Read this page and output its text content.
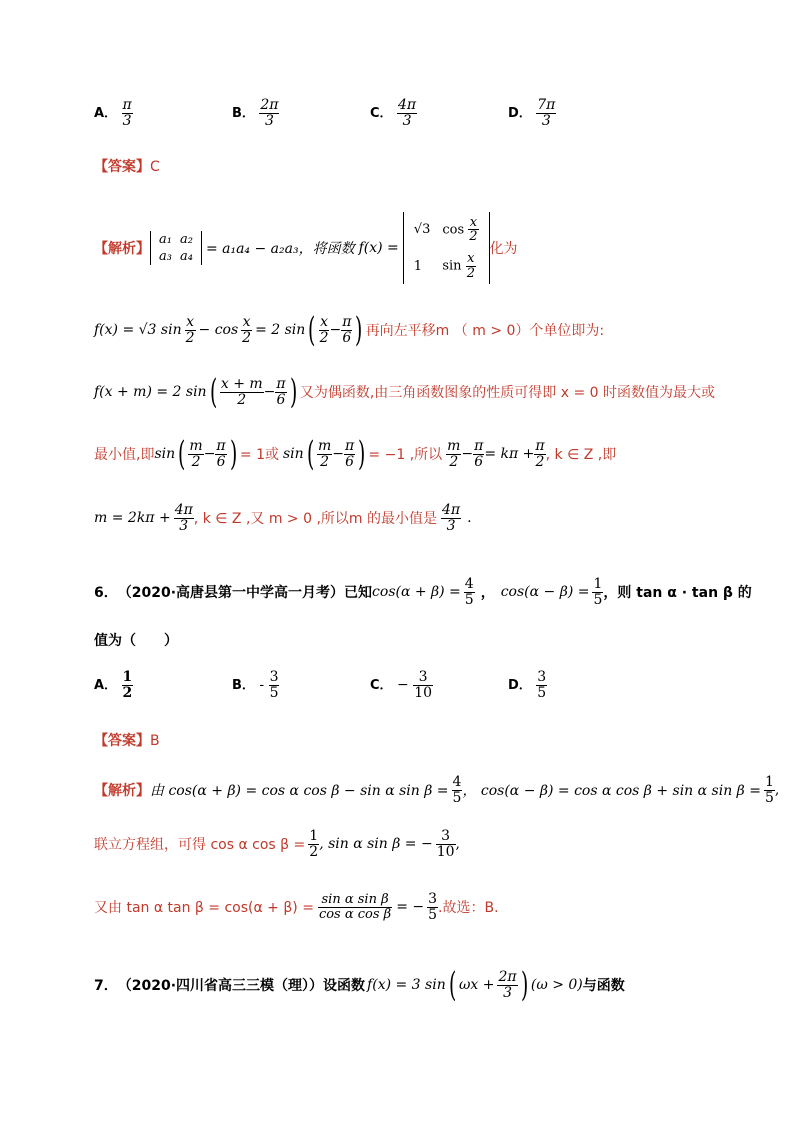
A． $\frac{\pi}{3}$	B． $\frac{2\pi}{3}$	C． $\frac{4\pi}{3}$	D． $\frac{7\pi}{3}$
【答案】C
【解析】
a₁	a₂
a₃	a₄ = a₁a₄ − a₂a₃，将函数 f(x) =
√3	$\cos \frac{x}{2}$

1	$\sin \frac{x}{2}$
化为
f(x) = √3 $\sin \frac{x}{2} - \cos \frac{x}{2} = 2$ sin ( $\frac{x}{2} - \frac{\pi}{6}$ ) 再向左平移m （ m > 0）个单位即为:
f(x + m) = 2 sin ( $\frac{x + m}{2} - \frac{\pi}{6}$ ) 又为偶函数,由三角函数图象的性质可得即 x = 0 时函数值为最大或
最小值,即 sin ( $\frac{m}{2} - \frac{\pi}{6}$ ) = 1或 sin ( $\frac{m}{2} - \frac{\pi}{6}$ ) = −1 ,所以 $\frac{m}{2} - \frac{\pi}{6} = k\pi + \frac{\pi}{2}$ , k ∈ Z ,即
$m = 2k\pi + \frac{4\pi}{3}$ , k ∈ Z ,又 m > 0 ,所以m 的最小值是 $\frac{4\pi}{3}$ .
6． （2020·高唐县第一中学高一月考）已知 $\cos(\alpha + \beta) = \frac{4}{5}$ ， $\cos(\alpha - \beta) = \frac{1}{5}$ ，则 tan α · tan β 的
值为（　　）
A． $\frac{1}{2}$	B． - $\frac{3}{5}$	C． − $\frac{3}{10}$	D． $\frac{3}{5}$
【答案】B
【解析】 由 cos(α + β) = cos α cos β − sin α $\sin \beta = \frac{4}{5}$ ， cos(α − β) = cos α cos β + sin α $\sin \beta = \frac{1}{5}$ ,
联立方程组，可得 cos α $\cos \beta = \frac{1}{2}$ , sin α sin β = − $\frac{3}{10}$ ,
又由 tan α $\tan \beta = \cos(\alpha + \beta) = \frac{\text{sin α sin β}}{\text{cos α cos β}}$ = − $\frac{3}{5}$ .故选：B.
7． （2020·四川省高三三模（理））设函数 f(x) = 3 sin ( $\omega x + \frac{2\pi}{3}$ ) (ω > 0) 与函数
